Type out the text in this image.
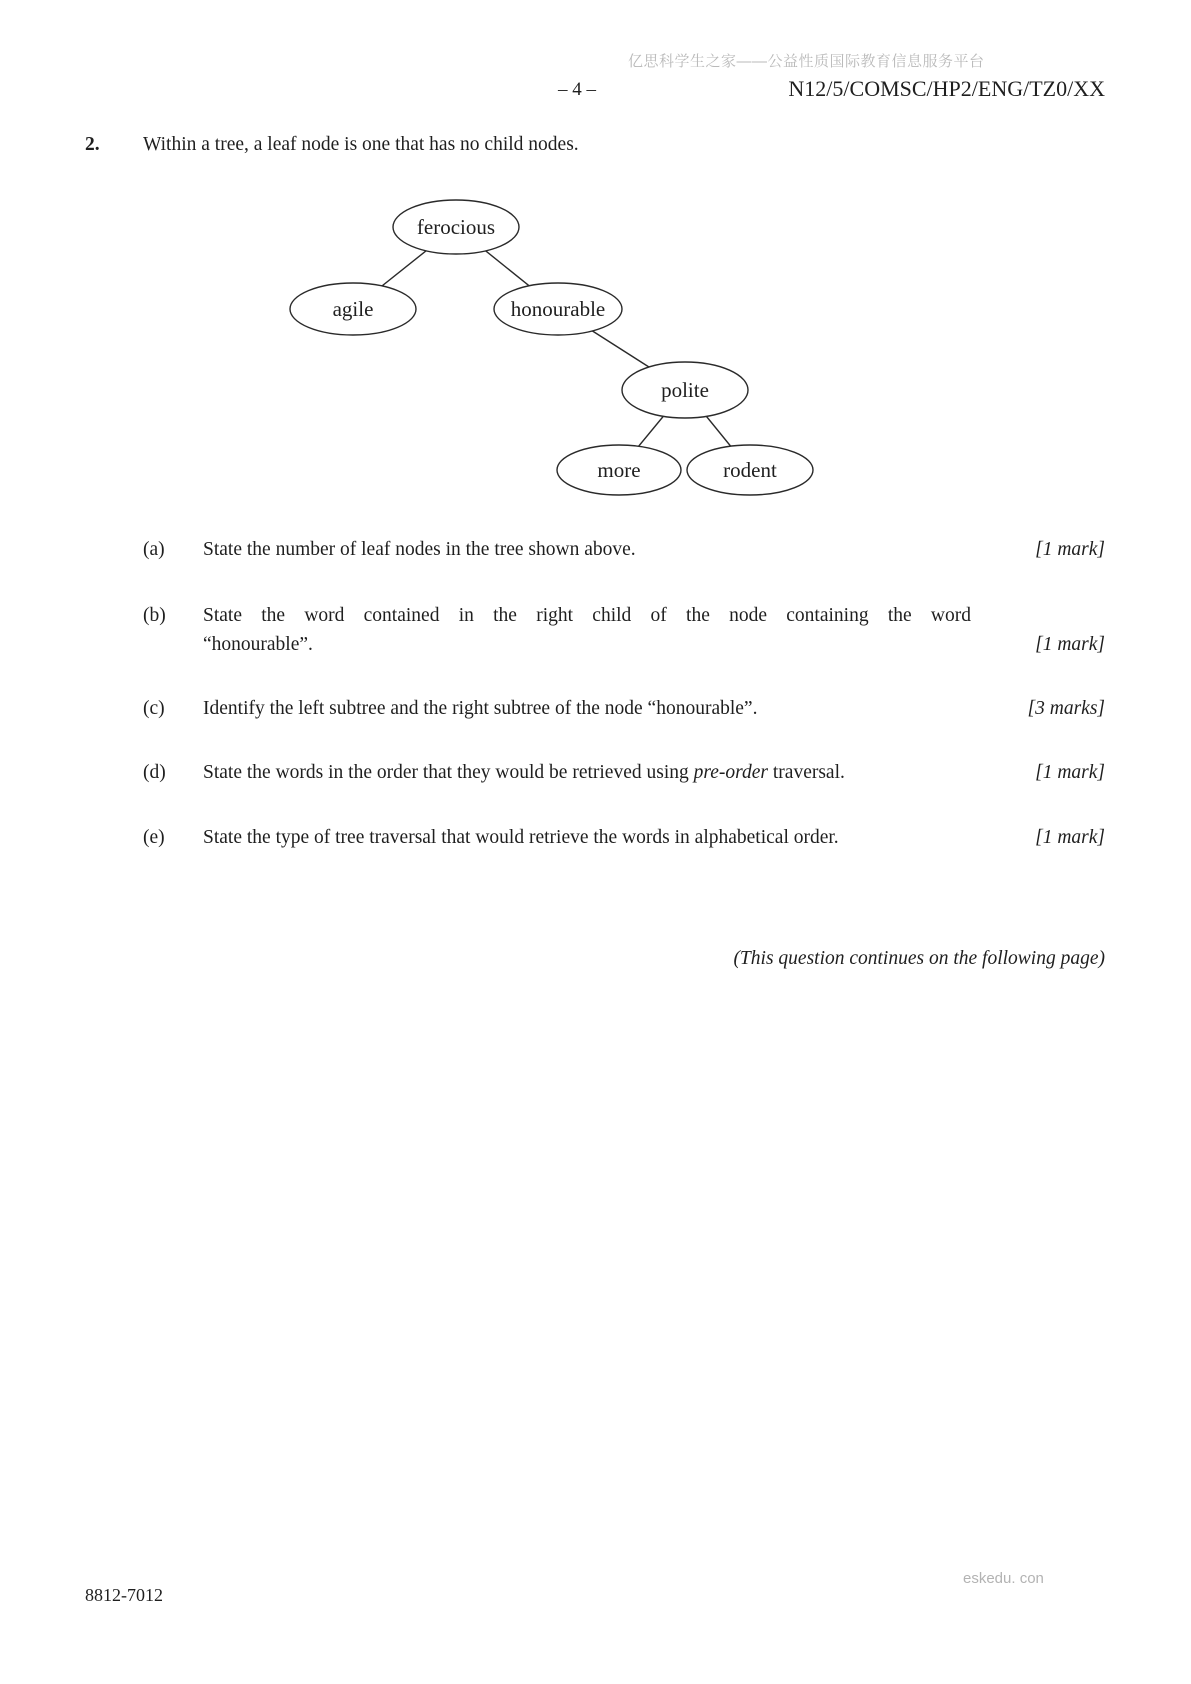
亿思科学生之家——公益性质国际教育信息服务平台
– 4 –	N12/5/COMSC/HP2/ENG/TZ0/XX
2. Within a tree, a leaf node is one that has no child nodes.
ferocious
agile	honourable
polite
more	rodent
(a) State the number of leaf nodes in the tree shown above.	[1 mark]
(b) State the word contained in the right child of the node containing the word
“honourable”.	[1 mark]
(c) Identify the left subtree and the right subtree of the node “honourable”.	[3 marks]
(d) State the words in the order that they would be retrieved using pre-order traversal.	[1 mark]
(e) State the type of tree traversal that would retrieve the words in alphabetical order.	[1 mark]
(This question continues on the following page)
8812-7012
eskedu. con
